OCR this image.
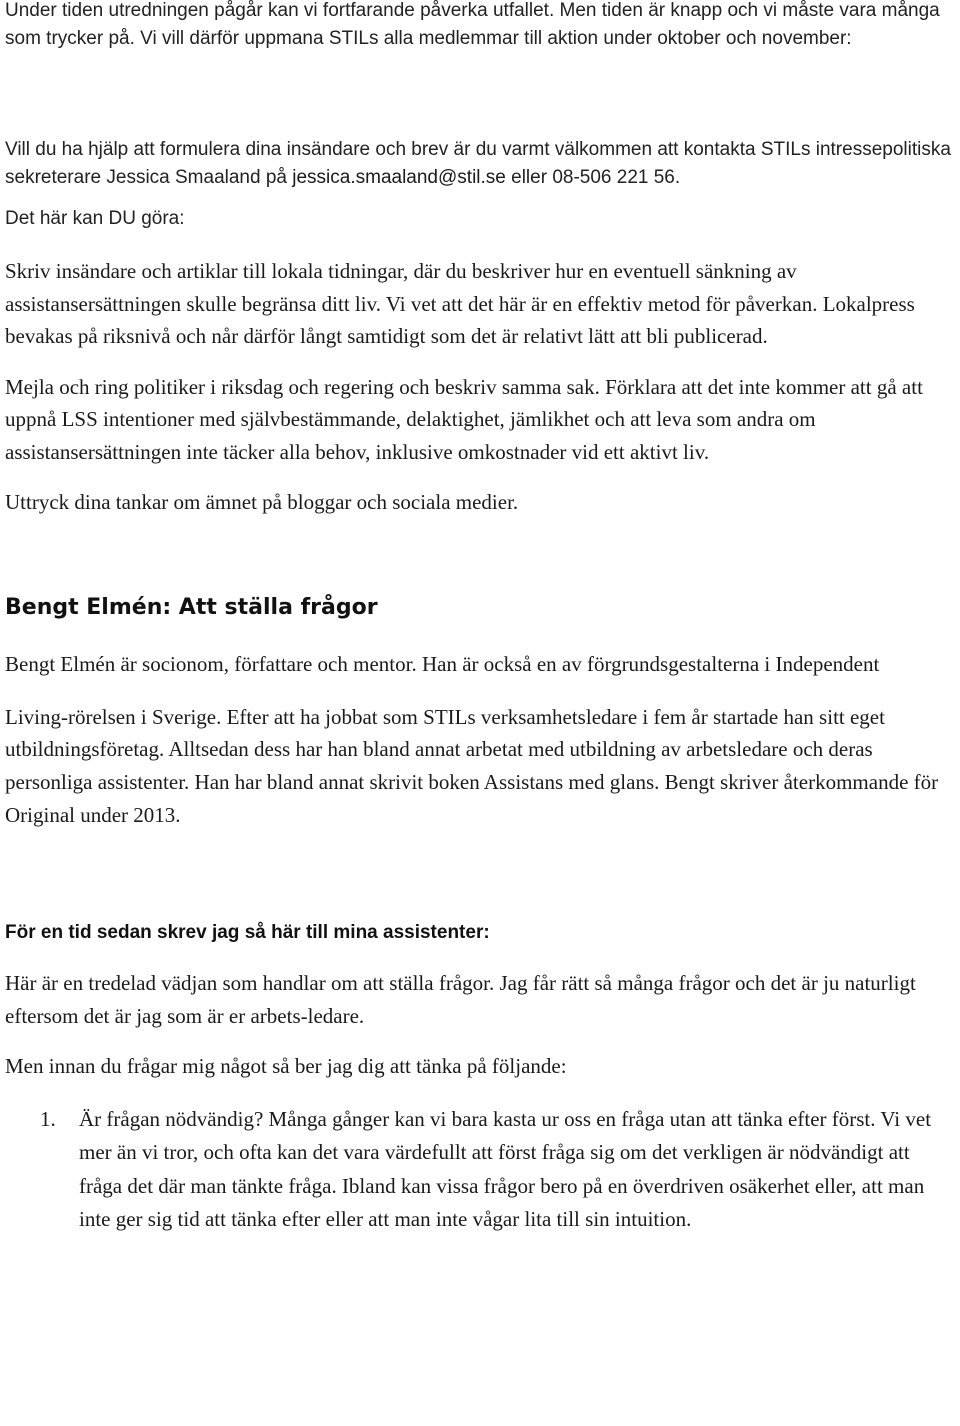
Under tiden utredningen pågår kan vi fortfarande påverka utfallet. Men tiden är knapp och vi måste vara många som trycker på. Vi vill därför uppmana STILs alla medlemmar till aktion under oktober och november:

Vill du ha hjälp att formulera dina insändare och brev är du varmt välkommen att kontakta STILs intressepolitiska sekreterare Jessica Smaaland på jessica.smaaland@stil.se eller 08-506 221 56.

Det här kan DU göra:

Skriv insändare och artiklar till lokala tidningar, där du beskriver hur en eventuell sänkning av assistansersättningen skulle begränsa ditt liv. Vi vet att det här är en effektiv metod för påverkan. Lokalpress bevakas på riksnivå och når därför långt samtidigt som det är relativt lätt att bli publicerad.

Mejla och ring politiker i riksdag och regering och beskriv samma sak. Förklara att det inte kommer att gå att uppnå LSS intentioner med självbestämmande, delaktighet, jämlikhet och att leva som andra om assistansersättningen inte täcker alla behov, inklusive omkostnader vid ett aktivt liv.

Uttryck dina tankar om ämnet på bloggar och sociala medier.

Bengt Elmén: Att ställa frågor

Bengt Elmén är socionom, författare och mentor. Han är också en av förgrundsgestalterna i Independent

Living-rörelsen i Sverige. Efter att ha jobbat som STILs verksamhetsledare i fem år startade han sitt eget utbildningsföretag. Alltsedan dess har han bland annat arbetat med utbildning av arbetsledare och deras personliga assistenter. Han har bland annat skrivit boken Assistans med glans. Bengt skriver återkommande för Original under 2013.

För en tid sedan skrev jag så här till mina assistenter:

Här är en tredelad vädjan som handlar om att ställa frågor. Jag får rätt så många frågor och det är ju naturligt eftersom det är jag som är er arbets-ledare.

Men innan du frågar mig något så ber jag dig att tänka på följande:

1. Är frågan nödvändig? Många gånger kan vi bara kasta ur oss en fråga utan att tänka efter först. Vi vet mer än vi tror, och ofta kan det vara värdefullt att först fråga sig om det verkligen är nödvändigt att fråga det där man tänkte fråga. Ibland kan vissa frågor bero på en överdriven osäkerhet eller, att man inte ger sig tid att tänka efter eller att man inte vågar lita till sin intuition.
